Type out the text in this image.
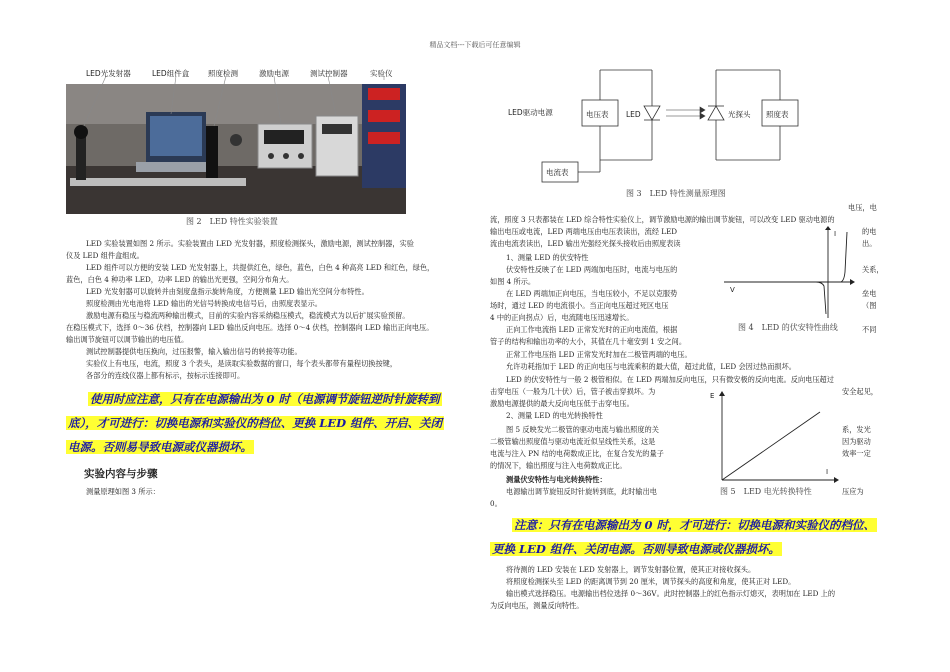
精品文档---下载后可任意编辑
LED光发射器	LED组件盒	照度检测	激励电源	测试控制器	实验仪
图 2　LED 特性实验装置
LED 实验装置如图 2 所示。实验装置由 LED 光发射器，照度检测探头，激励电源，测试控制器，实验
仪及 LED 组件盒组成。
LED 组件可以方便的安装 LED 光发射器上，共提供红色，绿色，蓝色，白色 4 种高亮 LED 和红色，绿色，
蓝色，白色 4 种功率 LED，功率 LED 的输出光更强，空间分布角大。
LED 光发射器可以旋转并由刻度盘指示旋转角度，方便测量 LED 输出光空间分布特性。
照度检测由光电池将 LED 输出的光信号转换成电信号后，由照度表显示。
激励电源有稳压与稳流两种输出模式，目前的实验内容采纳稳压模式，稳流模式为以后扩展实验预留。
在稳压模式下，选择 0～36 伏档，控制器向 LED 输出反向电压。选择 0～4 伏档，控制器向 LED 输出正向电压。
输出调节旋钮可以调节输出的电压值。
测试控制器提供电压换向，过压报警，输入输出信号的转接等功能。
实验仪上有电压，电流，照度 3 个表头，是读取实验数据的窗口，每个表头都带有量程切换按键，
各部分的连线仪器上都有标示，按标示连接即可。
使用时应注意，只有在电源输出为 0 时（电源调节旋钮逆时针旋转到
底），才可进行：切换电源和实验仪的档位、更换 LED 组件、开启、关闭
电源。否则易导致电源或仪器损坏。
实验内容与步骤
测量原理如图 3 所示：
LED驱动电源	电压表 LED
电流表
光探头 照度表
图 3　LED 特性测量原理图
电压，电
流，照度 3 只表都装在 LED 综合特性实验仪上，调节激励电源的输出调节旋钮，可以改变 LED 驱动电源的
输出电压或电流，LED 两端电压由电压表读出，流经 LED	的电
流由电流表读出，LED 输出光强经光探头接收后由照度表读	出。
1、测量 LED 的伏安特性
伏安特性反映了在 LED 两端加电压时，电流与电压的	关系，
如图 4 所示。
在 LED 两端加正向电压，当电压较小，不足以克服势	垒电
场时，通过 LED 的电流很小。当正向电压超过死区电压	（图
4 中的正向拐点）后，电流随电压迅速增长。
正向工作电流指 LED 正常发光时的正向电流值，根据	不同
管子的结构和输出功率的大小，其值在几十毫安到 1 安之间。
正常工作电压指 LED 正常发光时加在二极管两端的电压。
允许功耗指加于 LED 的正向电压与电流乘积的最大值，超过此值，LED 会因过热而损坏。
LED 的伏安特性与一般 2 极管相似。在 LED 两端加反向电压，只有微安极的反向电流。反向电压超过
击穿电压（一般为几十伏）后，管子被击穿损坏。为	安全起见，
激励电源提供的最大反向电压低于击穿电压。
2、测量 LED 的电光转换特性
图 5 反映发光二极管的驱动电流与输出照度的关	系，发光
二极管输出照度值与驱动电流近似呈线性关系，这是	因为驱动
电流与注入 PN 结的电荷数成正比，在复合发光的量子	效率一定
的情况下，输出照度与注入电荷数成正比。
测量伏安特性与电光转换特性：
电源输出调节旋钮反时针旋转到底，此时输出电	压应为
0。
I
V
图 4　LED 的伏安特性曲线
E
I
图 5　LED 电光转换特性
注意：只有在电源输出为 0 时，才可进行：切换电源和实验仪的档位、
更换 LED 组件、关闭电源。否则导致电源或仪器损坏。
将待测的 LED 安装在 LED 发射器上，调节发射器位置，使其正对接收探头。
将照度检测探头至 LED 的距离调节到 20 厘米，调节探头的高度和角度，使其正对 LED。
输出模式选择稳压。电源输出档位选择 0～36V。此时控制器上的红色指示灯熄灭，表明加在 LED 上的
为反向电压，测量反向特性。
